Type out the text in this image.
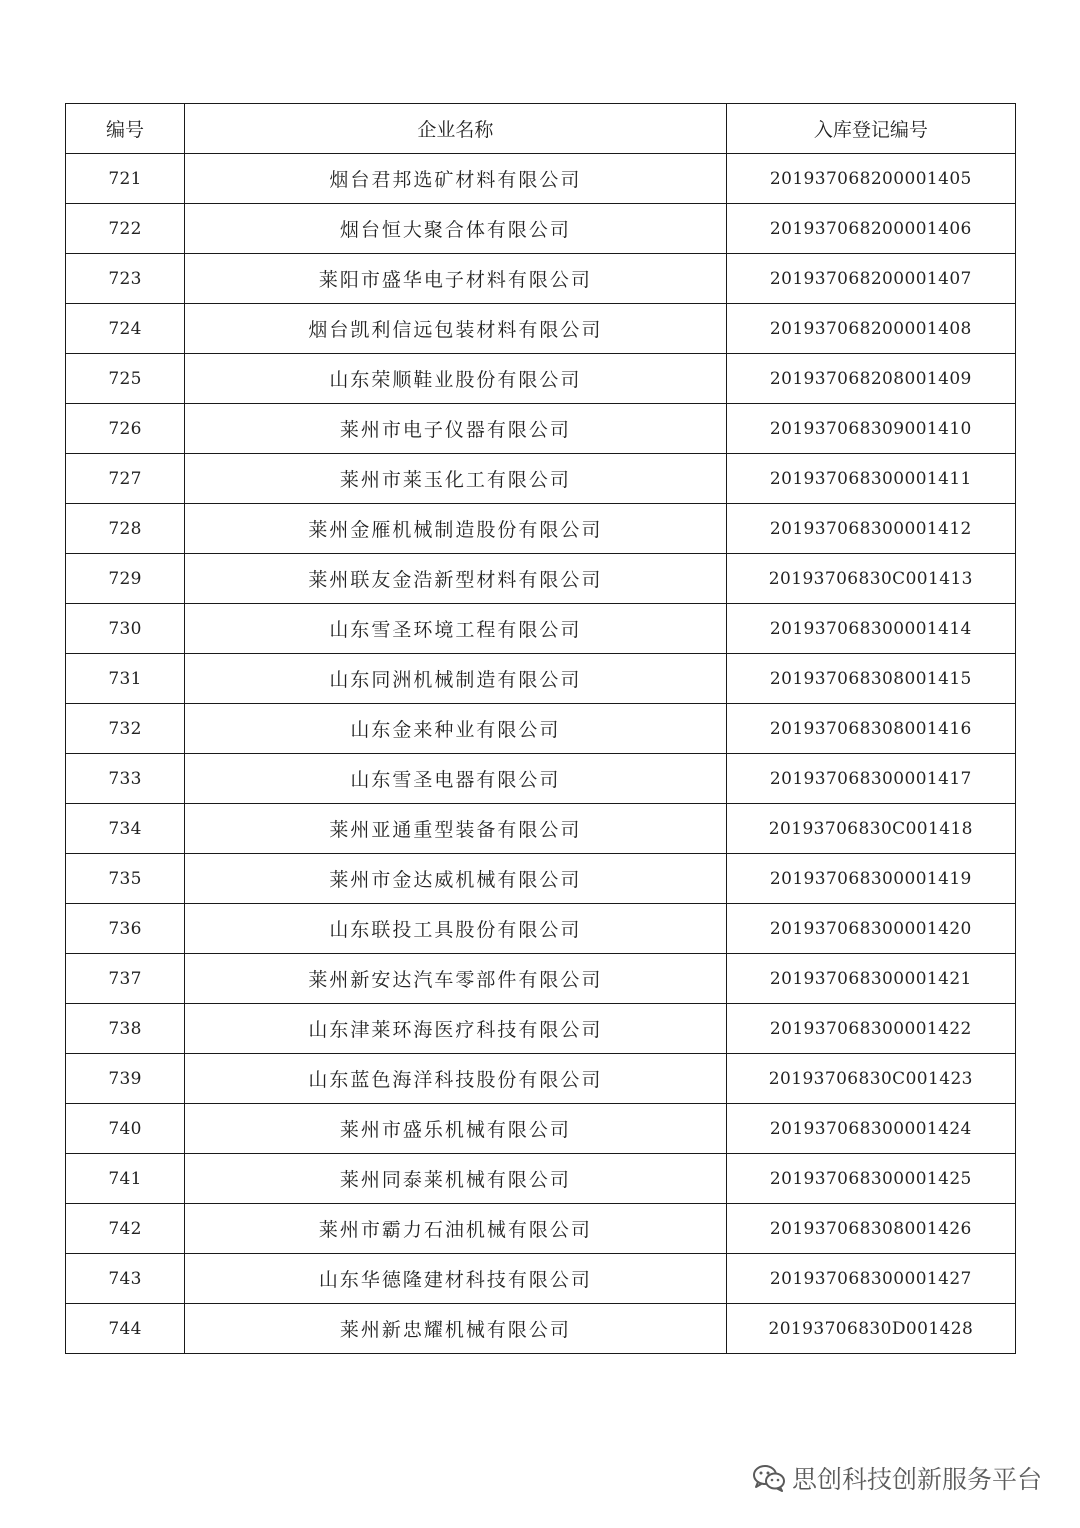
编号	企业名称	入库登记编号
721	烟台君邦选矿材料有限公司	201937068200001405
722	烟台恒大聚合体有限公司	201937068200001406
723	莱阳市盛华电子材料有限公司	201937068200001407
724	烟台凯利信远包装材料有限公司	201937068200001408
725	山东荣顺鞋业股份有限公司	201937068208001409
726	莱州市电子仪器有限公司	201937068309001410
727	莱州市莱玉化工有限公司	201937068300001411
728	莱州金雁机械制造股份有限公司	201937068300001412
729	莱州联友金浩新型材料有限公司	20193706830C001413
730	山东雪圣环境工程有限公司	201937068300001414
731	山东同洲机械制造有限公司	201937068308001415
732	山东金来种业有限公司	201937068308001416
733	山东雪圣电器有限公司	201937068300001417
734	莱州亚通重型装备有限公司	20193706830C001418
735	莱州市金达威机械有限公司	201937068300001419
736	山东联投工具股份有限公司	201937068300001420
737	莱州新安达汽车零部件有限公司	201937068300001421
738	山东津莱环海医疗科技有限公司	201937068300001422
739	山东蓝色海洋科技股份有限公司	20193706830C001423
740	莱州市盛乐机械有限公司	201937068300001424
741	莱州同泰莱机械有限公司	201937068300001425
742	莱州市霸力石油机械有限公司	201937068308001426
743	山东华德隆建材科技有限公司	201937068300001427
744	莱州新忠耀机械有限公司	20193706830D001428
思创科技创新服务平台
